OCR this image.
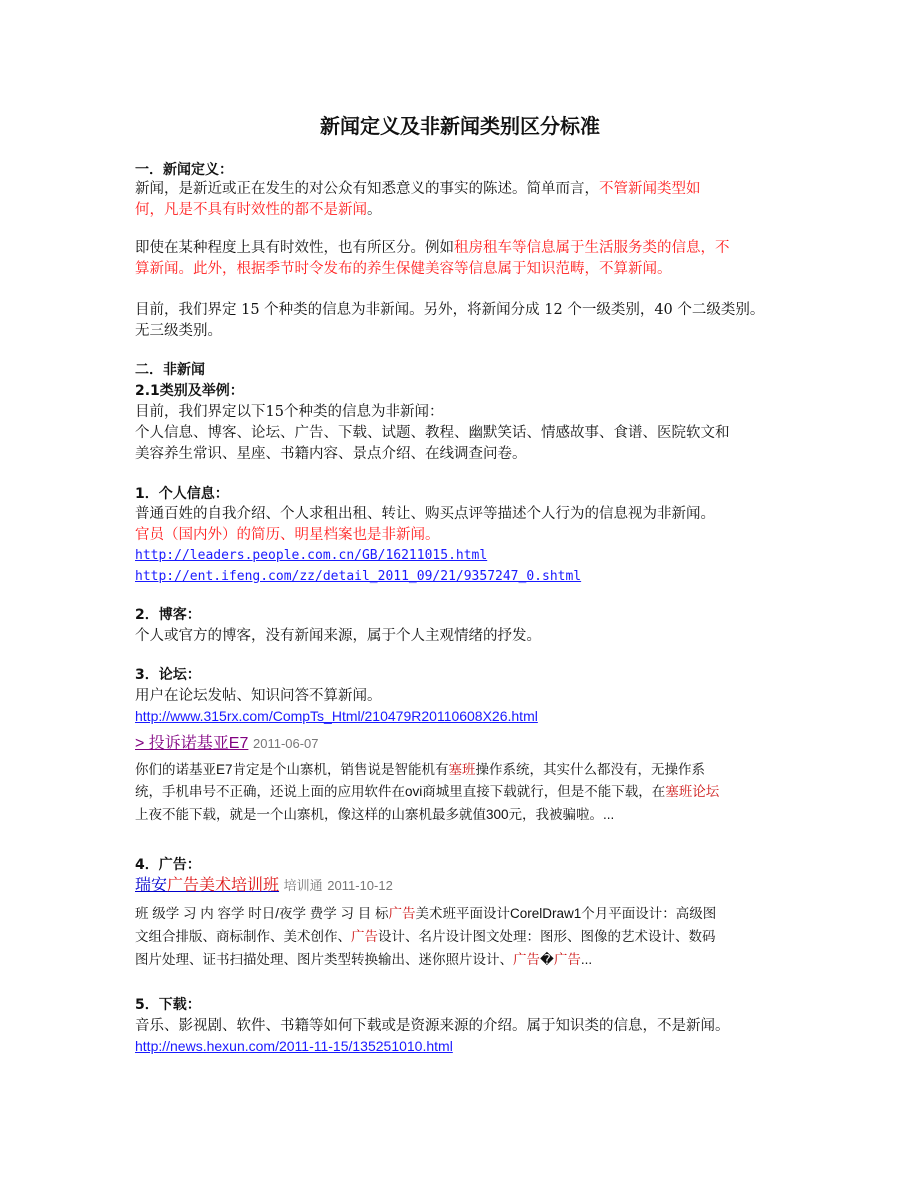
新闻定义及非新闻类别区分标准
一．新闻定义：
新闻，是新近或正在发生的对公众有知悉意义的事实的陈述。简单而言，不管新闻类型如
何，凡是不具有时效性的都不是新闻。
即使在某种程度上具有时效性，也有所区分。例如租房租车等信息属于生活服务类的信息，不
算新闻。此外，根据季节时令发布的养生保健美容等信息属于知识范畴，不算新闻。
目前，我们界定 15 个种类的信息为非新闻。另外，将新闻分成 12 个一级类别，40 个二级类别。
无三级类别。
二．非新闻
2.1类别及举例：
目前，我们界定以下15个种类的信息为非新闻：
个人信息、博客、论坛、广告、下载、试题、教程、幽默笑话、情感故事、食谱、医院软文和
美容养生常识、星座、书籍内容、景点介绍、在线调查问卷。
1．个人信息：
普通百姓的自我介绍、个人求租出租、转让、购买点评等描述个人行为的信息视为非新闻。
官员（国内外）的简历、明星档案也是非新闻。
http://leaders.people.com.cn/GB/16211015.html
http://ent.ifeng.com/zz/detail_2011_09/21/9357247_0.shtml
2．博客：
个人或官方的博客，没有新闻来源，属于个人主观情绪的抒发。
3．论坛：
用户在论坛发帖、知识问答不算新闻。
http://www.315rx.com/CompTs_Html/210479R20110608X26.html
> 投诉诺基亚E7 2011-06-07
你们的诺基亚E7肯定是个山寨机，销售说是智能机有塞班操作系统，其实什么都没有，无操作系
统，手机串号不正确，还说上面的应用软件在ovi商城里直接下载就行，但是不能下载，在塞班论坛
上夜不能下载，就是一个山寨机，像这样的山寨机最多就值300元，我被骗啦。...
4．广告：
瑞安广告美术培训班 培训通 2011-10-12
班 级学 习 内 容学 时日/夜学 费学 习 目 标广告美术班平面设计CorelDraw1个月平面设计：高级图
文组合排版、商标制作、美术创作、广告设计、名片设计图文处理：图形、图像的艺术设计、数码
图片处理、证书扫描处理、图片类型转换输出、迷你照片设计、广告�广告...
5．下载：
音乐、影视剧、软件、书籍等如何下载或是资源来源的介绍。属于知识类的信息，不是新闻。
http://news.hexun.com/2011-11-15/135251010.html
